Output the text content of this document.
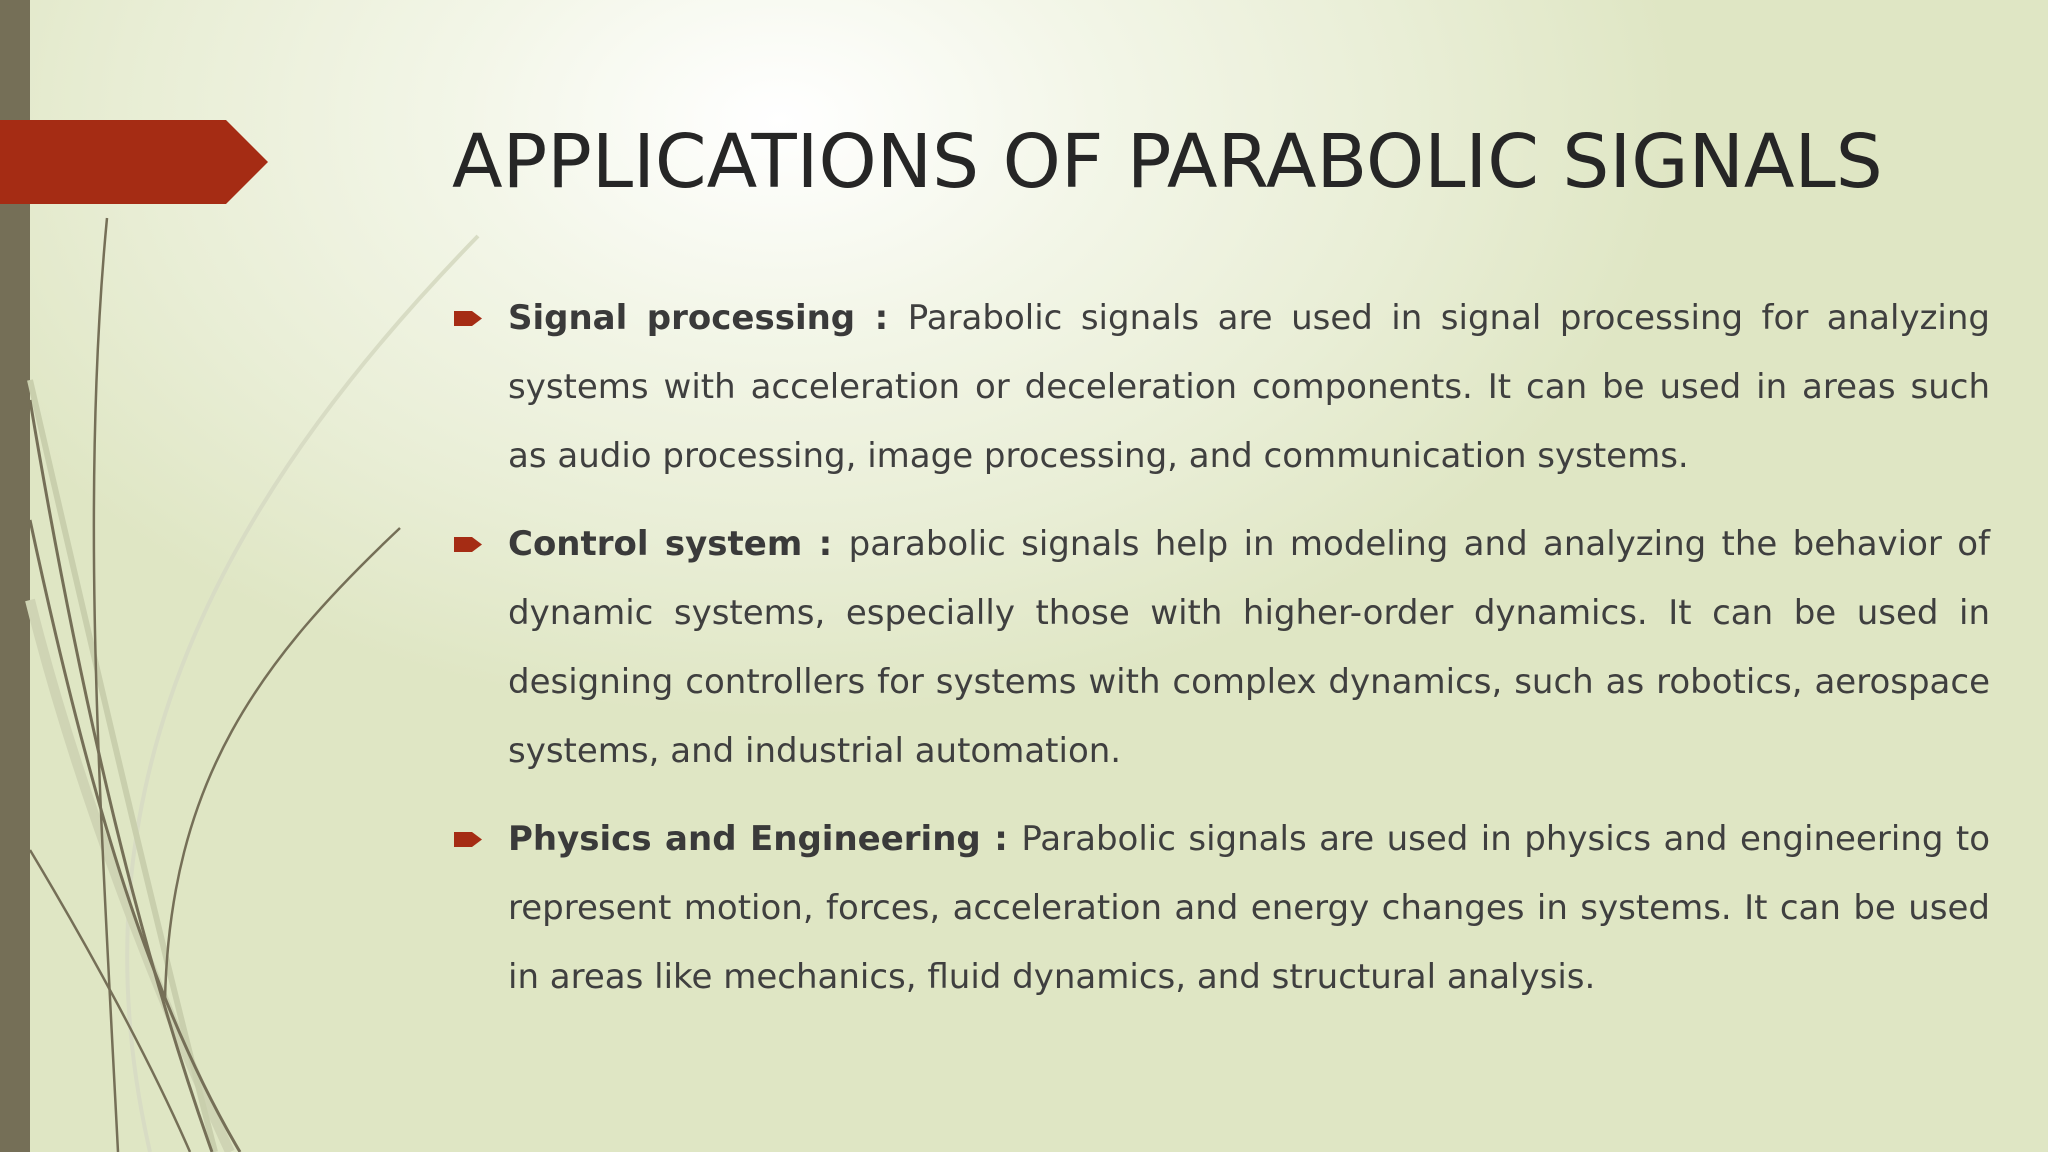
APPLICATIONS OF PARABOLIC SIGNALS
Signal processing : Parabolic signals are used in signal processing for analyzing systems with acceleration or deceleration components. It can be used in areas such as audio processing, image processing, and communication systems.
Control system : parabolic signals help in modeling and analyzing the behavior of dynamic systems, especially those with higher-order dynamics. It can be used in designing controllers for systems with complex dynamics, such as robotics, aerospace systems, and industrial automation.
Physics and Engineering : Parabolic signals are used in physics and engineering to represent motion, forces, acceleration and energy changes in systems. It can be used in areas like mechanics, fluid dynamics, and structural analysis.
